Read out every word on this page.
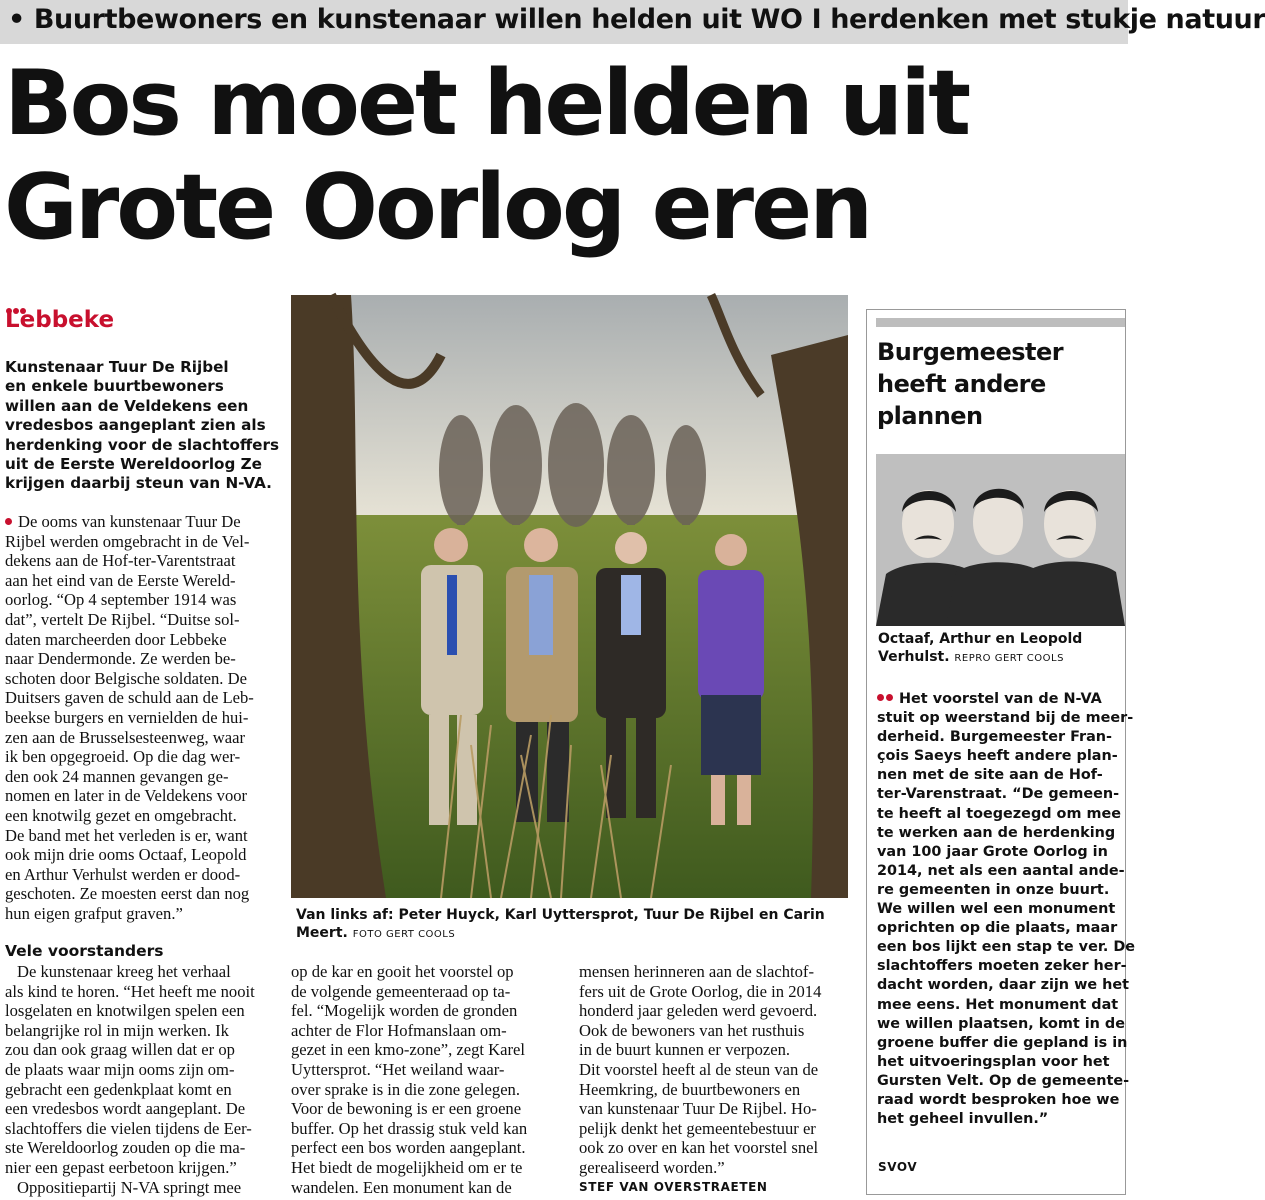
• Buurtbewoners en kunstenaar willen helden uit WO I herdenken met stukje natuur
Bos moet helden uit
Grote Oorlog eren
Lebbeke
Kunstenaar Tuur De Rijbel
en enkele buurtbewoners
willen aan de Veldekens een
vredesbos aangeplant zien als
herdenking voor de slachtoffers
uit de Eerste Wereldoorlog Ze
krijgen daarbij steun van N-VA.
De ooms van kunstenaar Tuur De
Rijbel werden omgebracht in de Vel-
dekens aan de Hof-ter-Varentstraat
aan het eind van de Eerste Wereld-
oorlog. “Op 4 september 1914 was
dat”, vertelt De Rijbel. “Duitse sol-
daten marcheerden door Lebbeke
naar Dendermonde. Ze werden be-
schoten door Belgische soldaten. De
Duitsers gaven de schuld aan de Leb-
beekse burgers en vernielden de hui-
zen aan de Brusselsesteenweg, waar
ik ben opgegroeid. Op die dag wer-
den ook 24 mannen gevangen ge-
nomen en later in de Veldekens voor
een knotwilg gezet en omgebracht.
De band met het verleden is er, want
ook mijn drie ooms Octaaf, Leopold
en Arthur Verhulst werden er dood-
geschoten. Ze moesten eerst dan nog
hun eigen grafput graven.”
Vele voorstanders
De kunstenaar kreeg het verhaal
als kind te horen. “Het heeft me nooit
losgelaten en knotwilgen spelen een
belangrijke rol in mijn werken. Ik
zou dan ook graag willen dat er op
de plaats waar mijn ooms zijn om-
gebracht een gedenkplaat komt en
een vredesbos wordt aangeplant. De
slachtoffers die vielen tijdens de Eer-
ste Wereldoorlog zouden op die ma-
nier een gepast eerbetoon krijgen.”
Oppositiepartij N-VA springt mee
Van links af: Peter Huyck, Karl Uyttersprot, Tuur De Rijbel en Carin
Meert. FOTO GERT COOLS
op de kar en gooit het voorstel op
de volgende gemeenteraad op ta-
fel. “Mogelijk worden de gronden
achter de Flor Hofmanslaan om-
gezet in een kmo-zone”, zegt Karel
Uyttersprot. “Het weiland waar-
over sprake is in die zone gelegen.
Voor de bewoning is er een groene
buffer. Op het drassig stuk veld kan
perfect een bos worden aangeplant.
Het biedt de mogelijkheid om er te
wandelen. Een monument kan de
mensen herinneren aan de slachtof-
fers uit de Grote Oorlog, die in 2014
honderd jaar geleden werd gevoerd.
Ook de bewoners van het rusthuis
in de buurt kunnen er verpozen.
Dit voorstel heeft al de steun van de
Heemkring, de buurtbewoners en
van kunstenaar Tuur De Rijbel. Ho-
pelijk denkt het gemeentebestuur er
ook zo over en kan het voorstel snel
gerealiseerd worden.”
STEF VAN OVERSTRAETEN
Burgemeester
heeft andere
plannen
Octaaf, Arthur en Leopold
Verhulst. REPRO GERT COOLS
Het voorstel van de N-VA
stuit op weerstand bij de meer-
derheid. Burgemeester Fran-
çois Saeys heeft andere plan-
nen met de site aan de Hof-
ter-Varenstraat. “De gemeen-
te heeft al toegezegd om mee
te werken aan de herdenking
van 100 jaar Grote Oorlog in
2014, net als een aantal ande-
re gemeenten in onze buurt.
We willen wel een monument
oprichten op die plaats, maar
een bos lijkt een stap te ver. De
slachtoffers moeten zeker her-
dacht worden, daar zijn we het
mee eens. Het monument dat
we willen plaatsen, komt in de
groene buffer die gepland is in
het uitvoeringsplan voor het
Gursten Velt. Op de gemeente-
raad wordt besproken hoe we
het geheel invullen.”
SVOV
